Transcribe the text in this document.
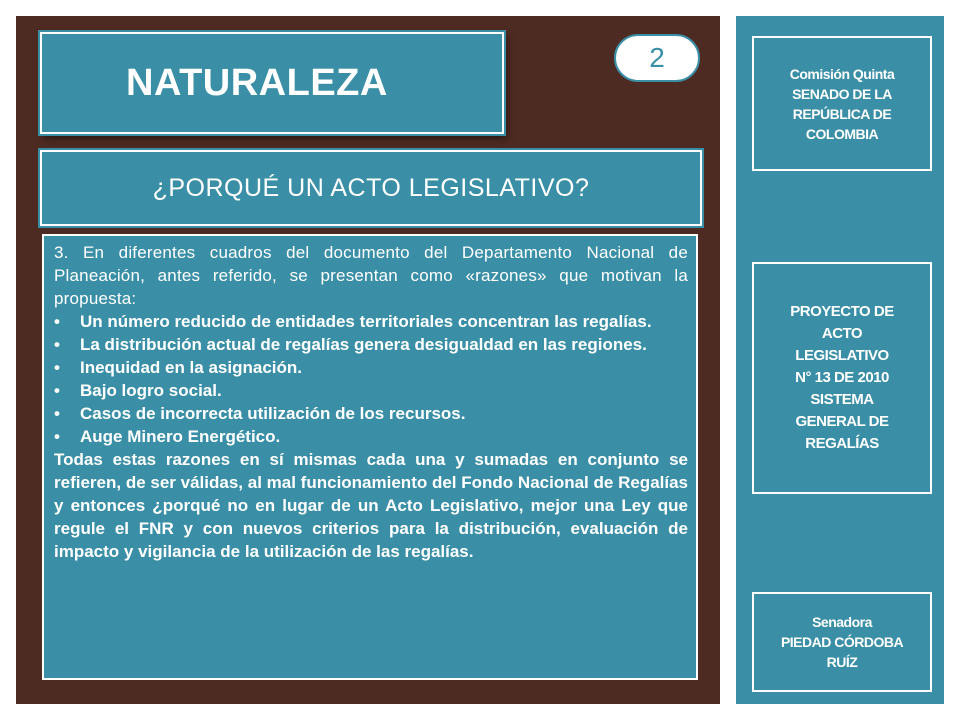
NATURALEZA
2
¿PORQUÉ UN ACTO LEGISLATIVO?

3. En diferentes cuadros del documento del Departamento Nacional de Planeación, antes referido, se presentan como «razones» que motivan la propuesta:

• Un número reducido de entidades territoriales concentran las regalías.
• La distribución actual de regalías genera desigualdad en las regiones.
• Inequidad en la asignación.
• Bajo logro social.
• Casos de incorrecta utilización de los recursos.
• Auge Minero Energético.

Todas estas razones en sí mismas cada una y sumadas en conjunto se refieren, de ser válidas, al mal funcionamiento del Fondo Nacional de Regalías y entonces ¿porqué no en lugar de un Acto Legislativo, mejor una Ley que regule el FNR y con nuevos criterios para la distribución, evaluación de impacto y vigilancia de la utilización de las regalías.

Comisión Quinta
SENADO DE LA
REPÚBLICA DE
COLOMBIA
PROYECTO DE
ACTO
LEGISLATIVO
N° 13 DE 2010
SISTEMA
GENERAL DE
REGALÍAS
Senadora
PIEDAD CÓRDOBA
RUÍZ
